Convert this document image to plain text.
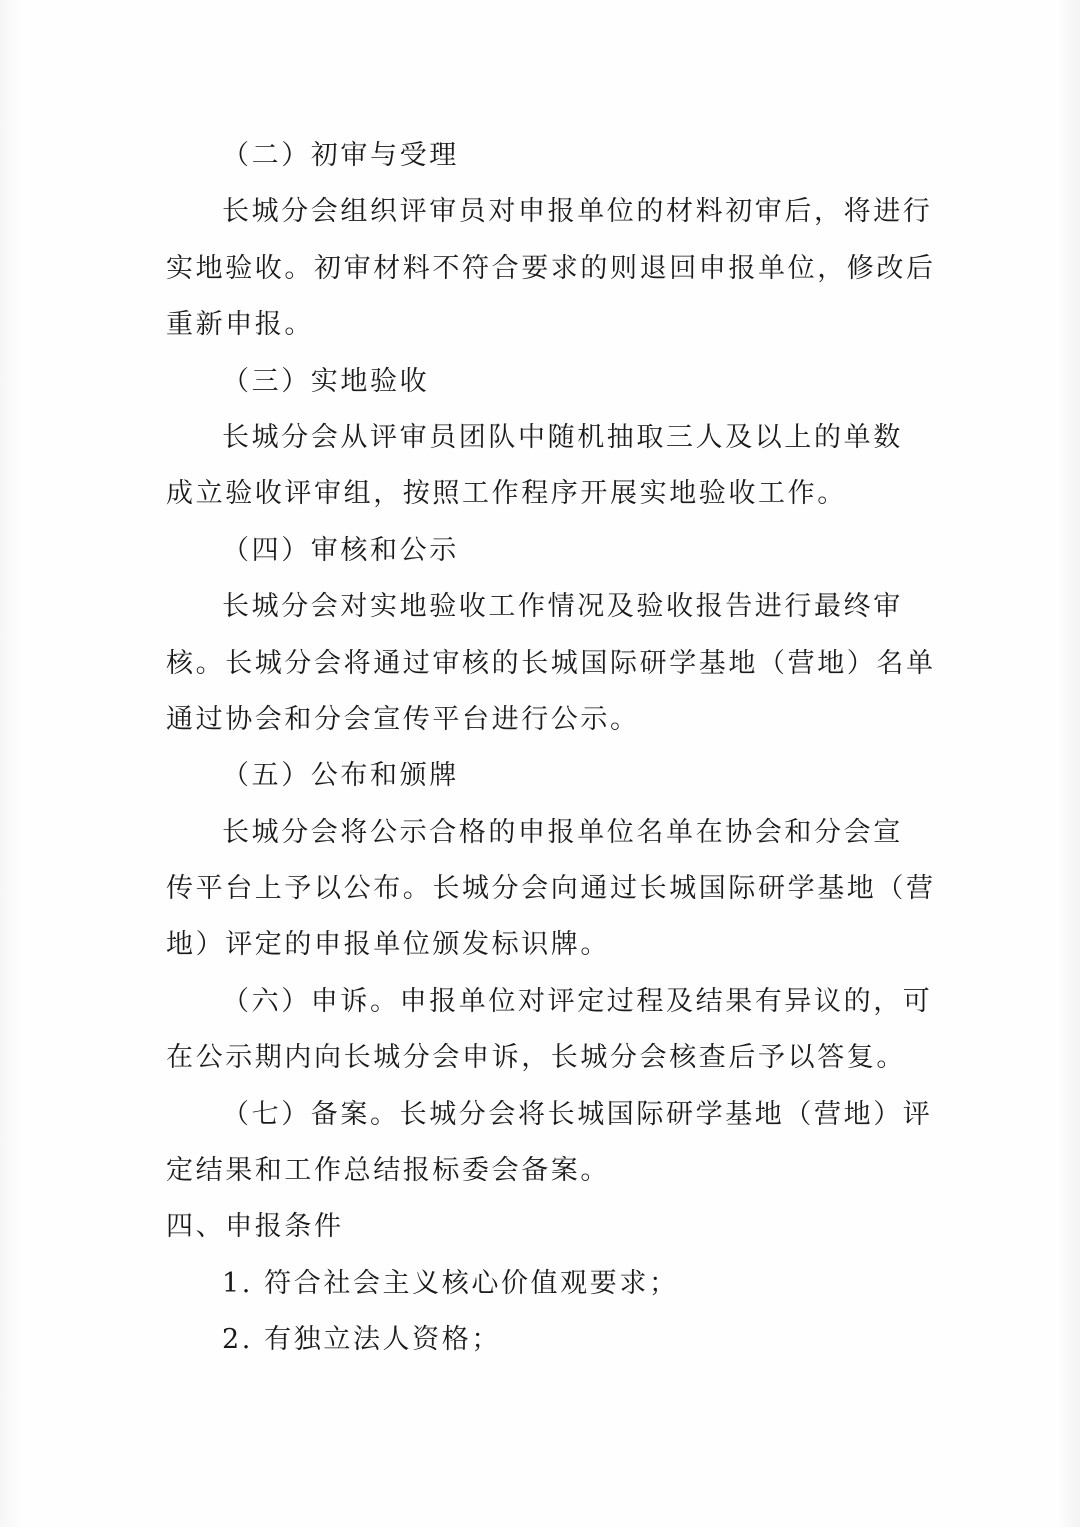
（二）初审与受理
长城分会组织评审员对申报单位的材料初审后，将进行
实地验收。初审材料不符合要求的则退回申报单位，修改后
重新申报。
（三）实地验收
长城分会从评审员团队中随机抽取三人及以上的单数
成立验收评审组，按照工作程序开展实地验收工作。
（四）审核和公示
长城分会对实地验收工作情况及验收报告进行最终审
核。长城分会将通过审核的长城国际研学基地（营地）名单
通过协会和分会宣传平台进行公示。
（五）公布和颁牌
长城分会将公示合格的申报单位名单在协会和分会宣
传平台上予以公布。长城分会向通过长城国际研学基地（营
地）评定的申报单位颁发标识牌。
（六）申诉。申报单位对评定过程及结果有异议的，可
在公示期内向长城分会申诉，长城分会核查后予以答复。
（七）备案。长城分会将长城国际研学基地（营地）评
定结果和工作总结报标委会备案。
四、申报条件
1. 符合社会主义核心价值观要求；
2. 有独立法人资格；
